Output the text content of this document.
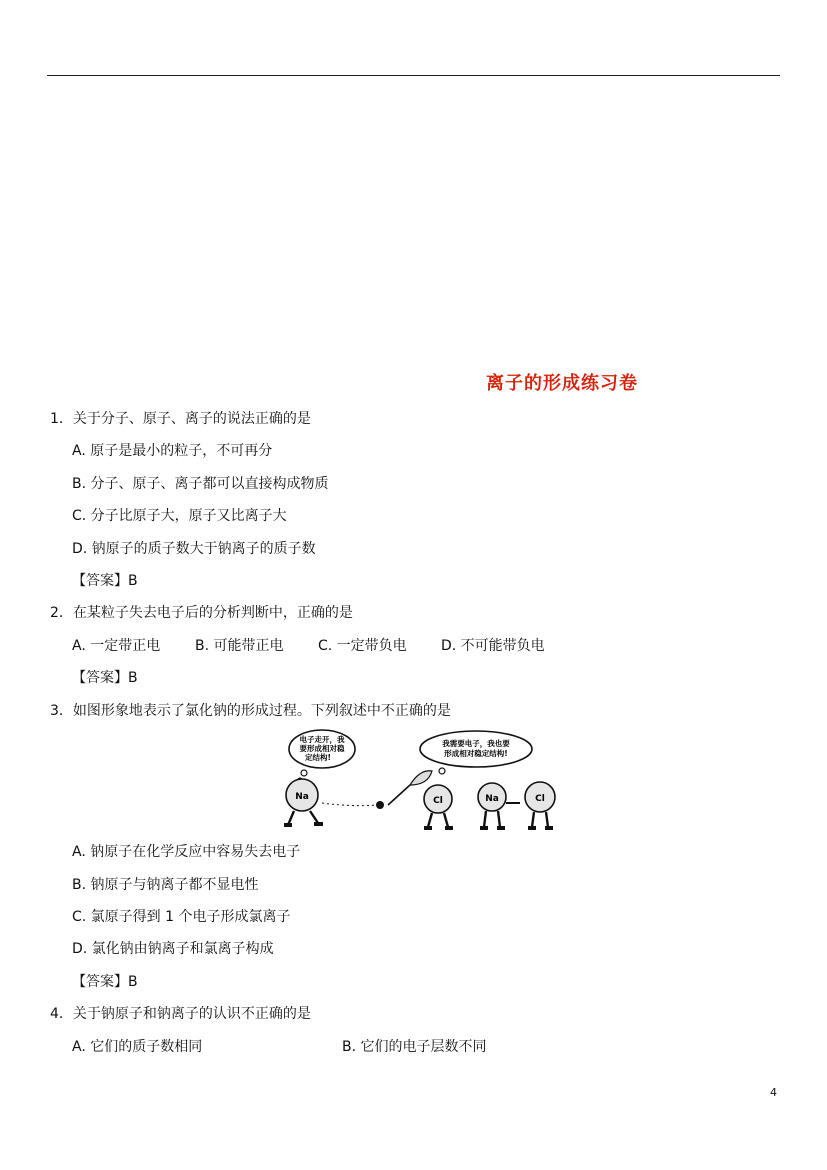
离子的形成练习卷
1．关于分子、原子、离子的说法正确的是
A. 原子是最小的粒子，不可再分
B. 分子、原子、离子都可以直接构成物质
C. 分子比原子大，原子又比离子大
D. 钠原子的质子数大于钠离子的质子数
【答案】B
2．在某粒子失去电子后的分析判断中，正确的是
A. 一定带正电 B. 可能带正电 C. 一定带负电 D. 不可能带负电
【答案】B
3．如图形象地表示了氯化钠的形成过程。下列叙述中不正确的是
电子走开，我
要形成相对稳
定结构!
我需要电子，我也要
形成相对稳定结构!
Na	Cl	Na	Cl
A. 钠原子在化学反应中容易失去电子
B. 钠原子与钠离子都不显电性
C. 氯原子得到 1 个电子形成氯离子
D. 氯化钠由钠离子和氯离子构成
【答案】B
4．关于钠原子和钠离子的认识不正确的是
A. 它们的质子数相同	B. 它们的电子层数不同
4
